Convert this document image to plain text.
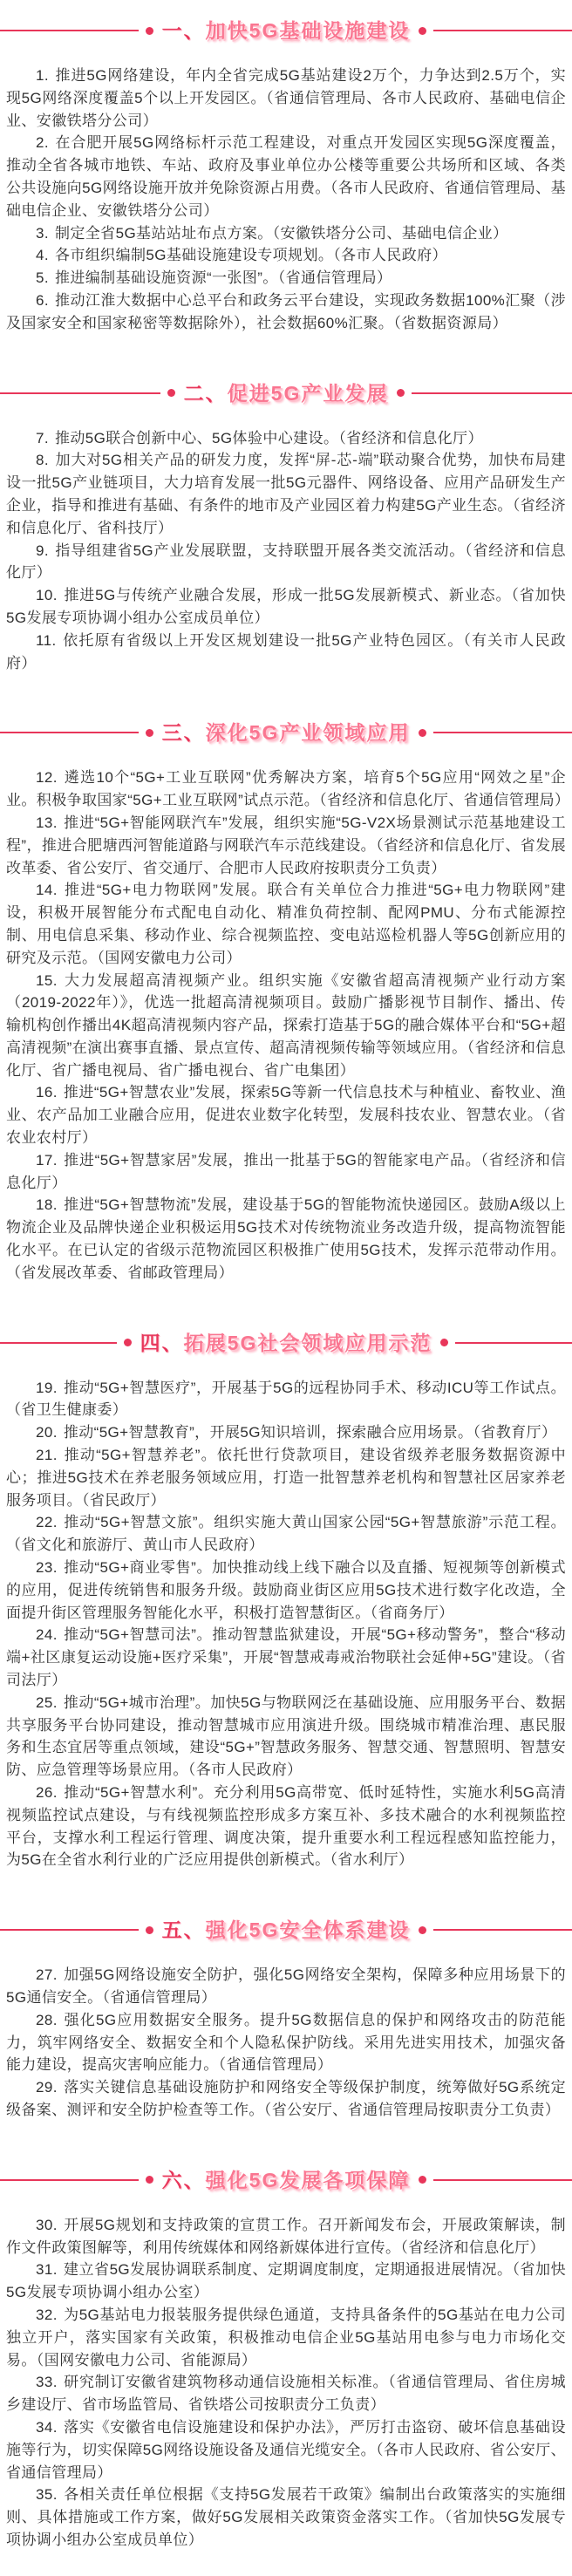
一、加快5G基础设施建设

1. 推进5G网络建设，年内全省完成5G基站建设2万个，力争达到2.5万个，实现5G网络深度覆盖5个以上开发园区。（省通信管理局、各市人民政府、基础电信企业、安徽铁塔分公司）

2. 在合肥开展5G网络标杆示范工程建设，对重点开发园区实现5G深度覆盖，推动全省各城市地铁、车站、政府及事业单位办公楼等重要公共场所和区域、各类公共设施向5G网络设施开放并免除资源占用费。（各市人民政府、省通信管理局、基础电信企业、安徽铁塔分公司）

3. 制定全省5G基站站址布点方案。（安徽铁塔分公司、基础电信企业）

4. 各市组织编制5G基础设施建设专项规划。（各市人民政府）

5. 推进编制基础设施资源“一张图”。（省通信管理局）

6. 推动江淮大数据中心总平台和政务云平台建设，实现政务数据100%汇聚（涉及国家安全和国家秘密等数据除外），社会数据60%汇聚。（省数据资源局）

二、促进5G产业发展

7. 推动5G联合创新中心、5G体验中心建设。（省经济和信息化厅）

8. 加大对5G相关产品的研发力度，发挥“屏-芯-端”联动聚合优势，加快布局建设一批5G产业链项目，大力培育发展一批5G元器件、网络设备、应用产品研发生产企业，指导和推进有基础、有条件的地市及产业园区着力构建5G产业生态。（省经济和信息化厅、省科技厅）

9. 指导组建省5G产业发展联盟，支持联盟开展各类交流活动。（省经济和信息化厅）

10. 推进5G与传统产业融合发展，形成一批5G发展新模式、新业态。（省加快5G发展专项协调小组办公室成员单位）

11. 依托原有省级以上开发区规划建设一批5G产业特色园区。（有关市人民政府）

三、深化5G产业领域应用

12. 遴选10个“5G+工业互联网”优秀解决方案，培育5个5G应用“网效之星”企业。积极争取国家“5G+工业互联网”试点示范。（省经济和信息化厅、省通信管理局）

13. 推进“5G+智能网联汽车”发展，组织实施“5G-V2X场景测试示范基地建设工程”，推进合肥塘西河智能道路与网联汽车示范线建设。（省经济和信息化厅、省发展改革委、省公安厅、省交通厅、合肥市人民政府按职责分工负责）

14. 推进“5G+电力物联网”发展。联合有关单位合力推进“5G+电力物联网”建设，积极开展智能分布式配电自动化、精准负荷控制、配网PMU、分布式能源控制、用电信息采集、移动作业、综合视频监控、变电站巡检机器人等5G创新应用的研究及示范。（国网安徽电力公司）

15. 大力发展超高清视频产业。组织实施《安徽省超高清视频产业行动方案（2019-2022年）》，优选一批超高清视频项目。鼓励广播影视节目制作、播出、传输机构创作播出4K超高清视频内容产品，探索打造基于5G的融合媒体平台和“5G+超高清视频”在演出赛事直播、景点宣传、超高清视频传输等领域应用。（省经济和信息化厅、省广播电视局、省广播电视台、省广电集团）

16. 推进“5G+智慧农业”发展，探索5G等新一代信息技术与种植业、畜牧业、渔业、农产品加工业融合应用，促进农业数字化转型，发展科技农业、智慧农业。（省农业农村厅）

17. 推进“5G+智慧家居”发展，推出一批基于5G的智能家电产品。（省经济和信息化厅）

18. 推进“5G+智慧物流”发展，建设基于5G的智能物流快递园区。鼓励A级以上物流企业及品牌快递企业积极运用5G技术对传统物流业务改造升级，提高物流智能化水平。在已认定的省级示范物流园区积极推广使用5G技术，发挥示范带动作用。（省发展改革委、省邮政管理局）

四、拓展5G社会领域应用示范

19. 推动“5G+智慧医疗”，开展基于5G的远程协同手术、移动ICU等工作试点。（省卫生健康委）

20. 推动“5G+智慧教育”，开展5G知识培训，探索融合应用场景。（省教育厅）

21. 推动“5G+智慧养老”。依托世行贷款项目，建设省级养老服务数据资源中心；推进5G技术在养老服务领域应用，打造一批智慧养老机构和智慧社区居家养老服务项目。（省民政厅）

22. 推动“5G+智慧文旅”。组织实施大黄山国家公园“5G+智慧旅游”示范工程。（省文化和旅游厅、黄山市人民政府）

23. 推动“5G+商业零售”。加快推动线上线下融合以及直播、短视频等创新模式的应用，促进传统销售和服务升级。鼓励商业街区应用5G技术进行数字化改造，全面提升街区管理服务智能化水平，积极打造智慧街区。（省商务厅）

24. 推动“5G+智慧司法”。推动智慧监狱建设，开展“5G+移动警务”，整合“移动端+社区康复运动设施+医疗采集”，开展“智慧戒毒戒治物联社会延伸+5G”建设。（省司法厅）

25. 推动“5G+城市治理”。加快5G与物联网泛在基础设施、应用服务平台、数据共享服务平台协同建设，推动智慧城市应用演进升级。围绕城市精准治理、惠民服务和生态宜居等重点领域，建设“5G+”智慧政务服务、智慧交通、智慧照明、智慧安防、应急管理等场景应用。（各市人民政府）

26. 推动“5G+智慧水利”。充分利用5G高带宽、低时延特性，实施水利5G高清视频监控试点建设，与有线视频监控形成多方案互补、多技术融合的水利视频监控平台，支撑水利工程运行管理、调度决策，提升重要水利工程远程感知监控能力，为5G在全省水利行业的广泛应用提供创新模式。（省水利厅）

五、强化5G安全体系建设

27. 加强5G网络设施安全防护，强化5G网络安全架构，保障多种应用场景下的5G通信安全。（省通信管理局）

28. 强化5G应用数据安全服务。提升5G数据信息的保护和网络攻击的防范能力，筑牢网络安全、数据安全和个人隐私保护防线。采用先进实用技术，加强灾备能力建设，提高灾害响应能力。（省通信管理局）

29. 落实关键信息基础设施防护和网络安全等级保护制度，统筹做好5G系统定级备案、测评和安全防护检查等工作。（省公安厅、省通信管理局按职责分工负责）

六、强化5G发展各项保障

30. 开展5G规划和支持政策的宣贯工作。召开新闻发布会，开展政策解读，制作文件政策图解等，利用传统媒体和网络新媒体进行宣传。（省经济和信息化厅）

31. 建立省5G发展协调联系制度、定期调度制度，定期通报进展情况。（省加快5G发展专项协调小组办公室）

32. 为5G基站电力报装服务提供绿色通道，支持具备条件的5G基站在电力公司独立开户，落实国家有关政策，积极推动电信企业5G基站用电参与电力市场化交易。（国网安徽电力公司、省能源局）

33. 研究制订安徽省建筑物移动通信设施相关标准。（省通信管理局、省住房城乡建设厅、省市场监管局、省铁塔公司按职责分工负责）

34. 落实《安徽省电信设施建设和保护办法》，严厉打击盗窃、破坏信息基础设施等行为，切实保障5G网络设施设备及通信光缆安全。（各市人民政府、省公安厅、省通信管理局）

35. 各相关责任单位根据《支持5G发展若干政策》编制出台政策落实的实施细则、具体措施或工作方案，做好5G发展相关政策资金落实工作。（省加快5G发展专项协调小组办公室成员单位）
